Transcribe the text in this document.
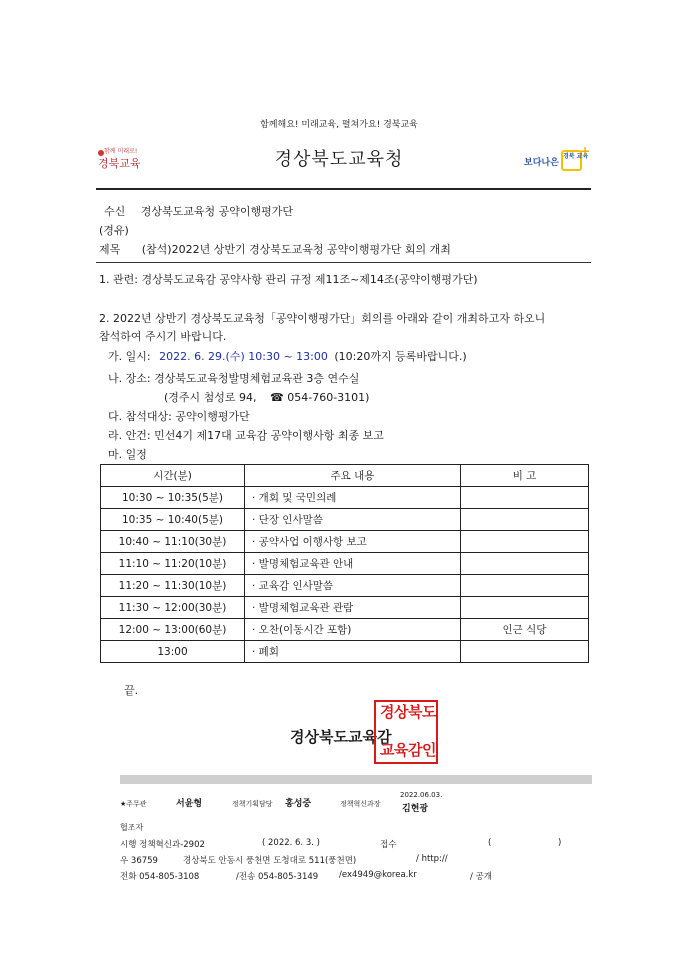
함께해요! 미래교육, 펼쳐가요! 경북교육
함께 미래로!
경북교육	경상북도교육청	보다나은
경북 교육
+
수신 경상북도교육청 공약이행평가단
(경유)
제목 (참석)2022년 상반기 경상북도교육청 공약이행평가단 회의 개최
1. 관련: 경상북도교육감 공약사항 관리 규정 제11조~제14조(공약이행평가단)
2. 2022년 상반기 경상북도교육청「공약이행평가단」회의를 아래와 같이 개최하고자 하오니
참석하여 주시기 바랍니다.
가. 일시: 2022. 6. 29.(수) 10:30 ~ 13:00 (10:20까지 등록바랍니다.)
나. 장소: 경상북도교육청발명체험교육관 3층 연수실
(경주시 첨성로 94, ☎ 054-760-3101)
다. 참석대상: 공약이행평가단
라. 안건: 민선4기 제17대 교육감 공약이행사항 최종 보고
마. 일정
시간(분)	주요 내용	비 고
10:30 ~ 10:35(5분)	· 개회 및 국민의례	
10:35 ~ 10:40(5분)	· 단장 인사말씀	
10:40 ~ 11:10(30분)	· 공약사업 이행사항 보고	
11:10 ~ 11:20(10분)	· 발명체험교육관 안내	
11:20 ~ 11:30(10분)	· 교육감 인사말씀	
11:30 ~ 12:00(30분)	· 발명체험교육관 관람	
12:00 ~ 13:00(60분)	· 오찬(이동시간 포함)	인근 식당
13:00	· 폐회	
끝.
경상북도교육감
경 상 북 도
교 육 감 인
★주무관	서윤형	정책기획담당 홍성중	정책혁신과장
2022.06.03.
김현광
협조자
시행 정책혁신과-2902	( 2022. 6. 3. )	접수	(	)
우 36759	경상북도 안동시 풍천면 도청대로 511(풍천면)	/ http://
전화 054-805-3108	/전송 054-805-3149 /ex4949@korea.kr	/ 공개
